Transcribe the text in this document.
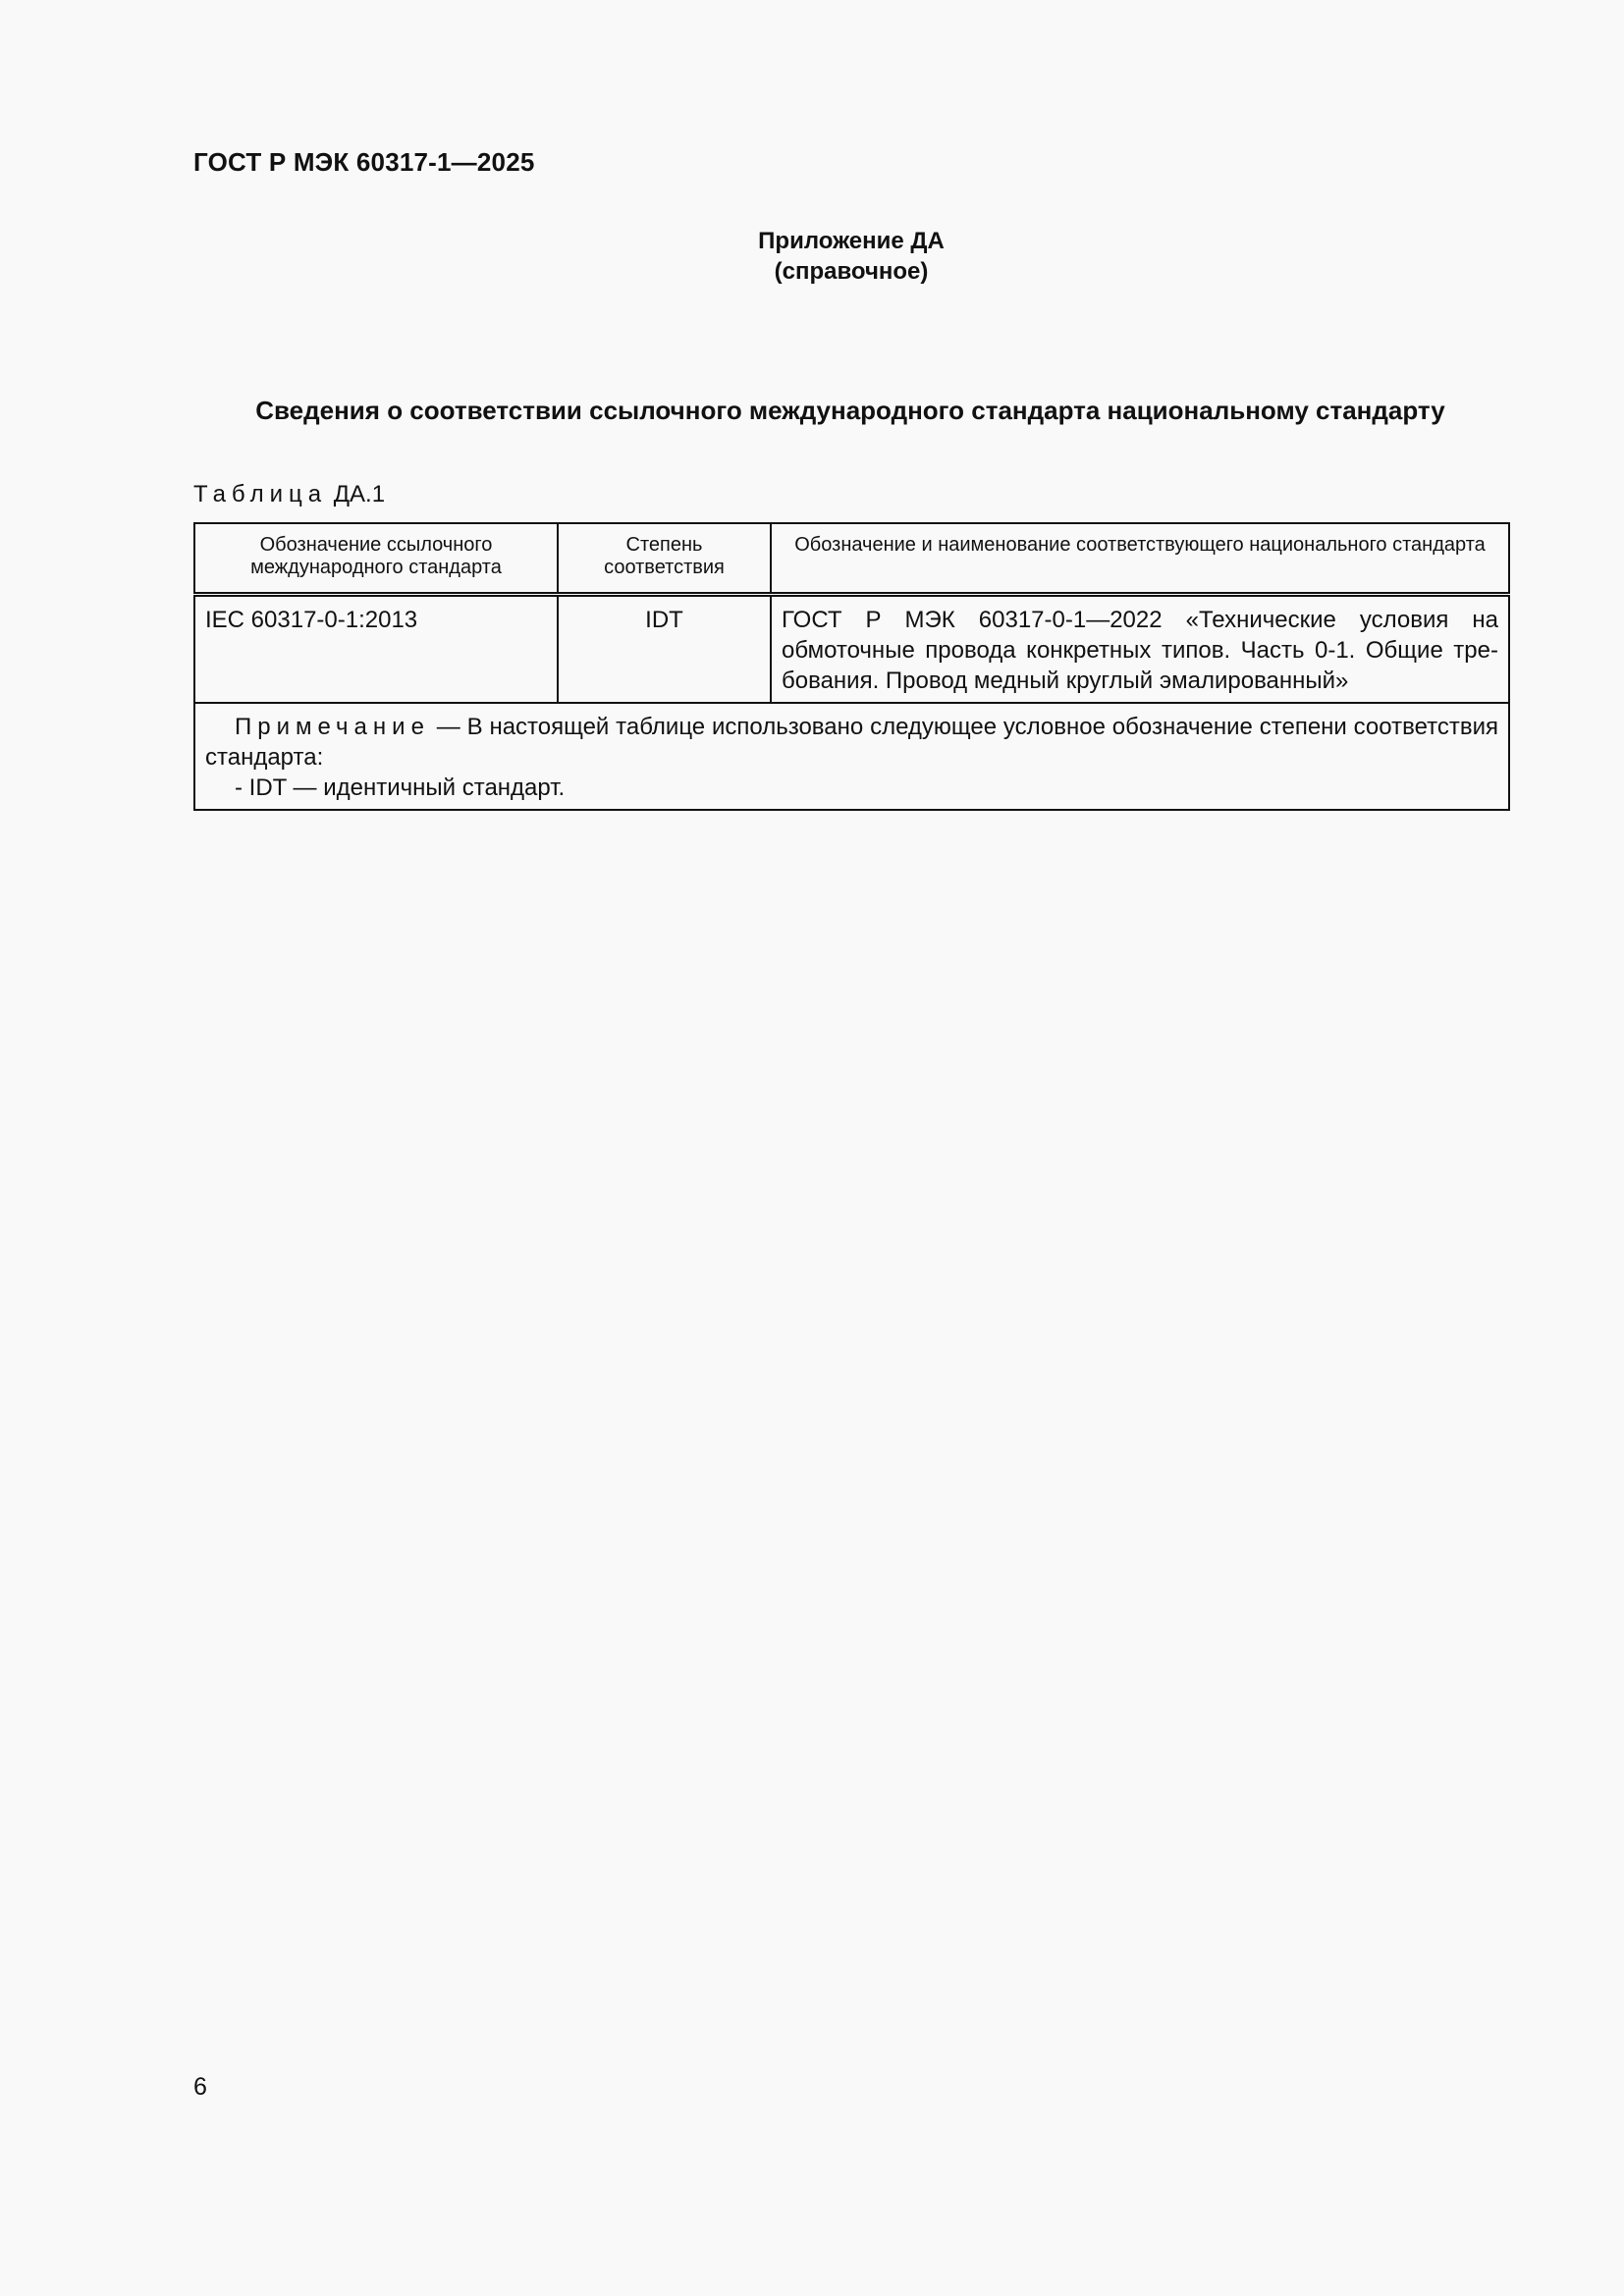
ГОСТ Р МЭК 60317-1—2025
Приложение ДА
(справочное)
Сведения о соответствии ссылочного международного стандарта национальному стандарту
Таблица ДА.1
Обозначение ссылочного международного стандарта	Степень соответствия	Обозначение и наименование соответствующего национального стандарта
IEC 60317-0-1:2013	IDT	ГОСТ Р МЭК 60317-0-1—2022 «Технические условия на обмоточные провода конкретных типов. Часть 0-1. Общие требования. Провод медный круглый эмалированный»
Примечание — В настоящей таблице использовано следующее условное обозначение степени соответствия стандарта:
- IDT — идентичный стандарт.		
6
